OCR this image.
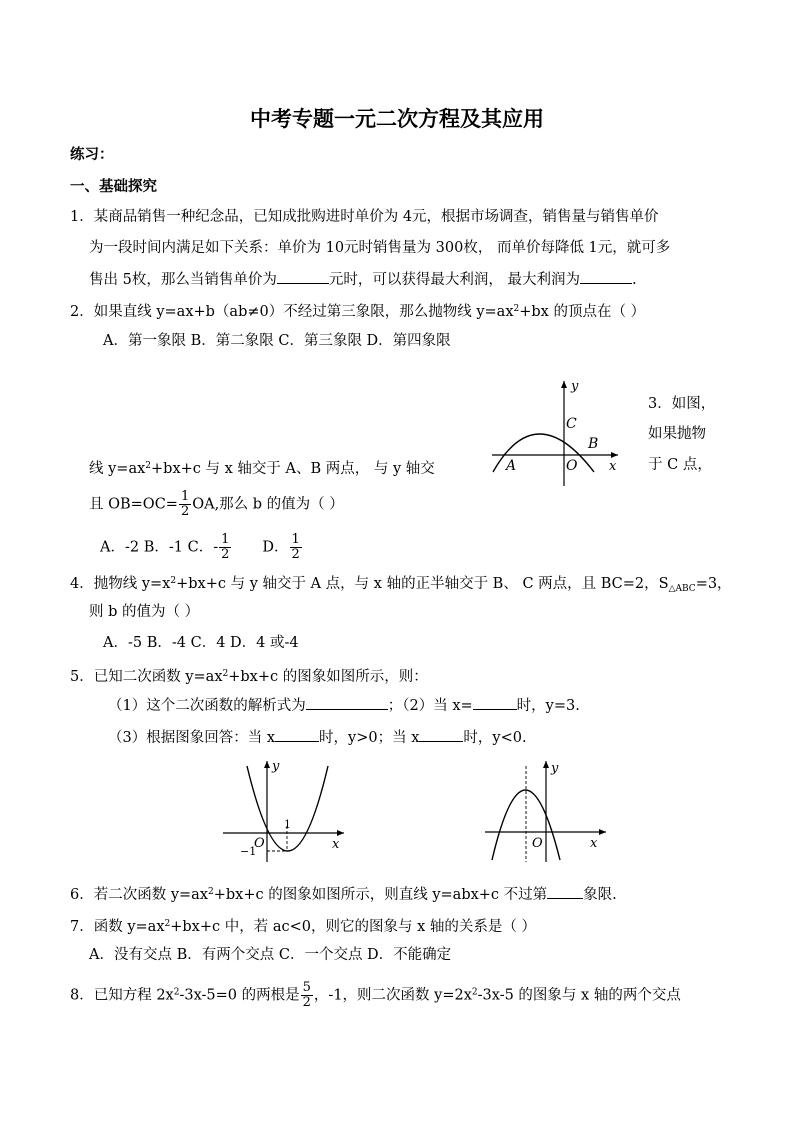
中考专题一元二次方程及其应用
练习：
一、基础探究
1．某商品销售一种纪念品，已知成批购进时单价为 4元，根据市场调查，销售量与销售单价
为一段时间内满足如下关系：单价为 10元时销售量为 300枚， 而单价每降低 1元，就可多
售出 5枚，那么当销售单价为	元时，可以获得最大利润， 最大利润为	.
2．如果直线 y=ax+b（ab≠0）不经过第三象限，那么抛物线 $y=ax^2+bx$ 的顶点在（ ）
A．第一象限 B．第二象限 C．第三象限 D．第四象限
y
x
A
B
C
O
3．如图，
如果抛物
于 C 点，
线 $y=ax^2+bx+c$ 与 x 轴交于 A、B 两点， 与 y 轴交
且 $OB=OC= \frac{1}{2}$ OA,那么 b 的值为（ ）
A．-2 B．-1 C．- $\frac{1}{2}$ D． $\frac{1}{2}$
4．抛物线 $y=x^2+bx+c$ 与 y 轴交于 A 点，与 x 轴的正半轴交于 B、 C 两点，且 BC=2，$S_{\triangle ABC}=3$，
则 b 的值为（ ）
A．-5 B．-4 C．4 D．4 或-4
5．已知二次函数 $y=ax^2+bx+c$ 的图象如图所示，则：
（1）这个二次函数的解析式为	；（2）当 x=	时，y=3.
（3）根据图象回答：当 x	时，y>0；当 x	时，y<0.
y
x
O
1
−1
y
x
O
6．若二次函数 $y=ax^2+bx+c$ 的图象如图所示，则直线 y=abx+c 不过第 象限.
7．函数 $y=ax^2+bx+c$ 中，若 ac<0，则它的图象与 x 轴的关系是（ ）
A．没有交点 B．有两个交点 C．一个交点 D．不能确定
8．已知方程 $2x^2-3x-5=0$ 的两根是 $\frac{5}{2}$ ，-1，则二次函数 $y=2x^2-3x-5$ 的图象与 x 轴的两个交点
